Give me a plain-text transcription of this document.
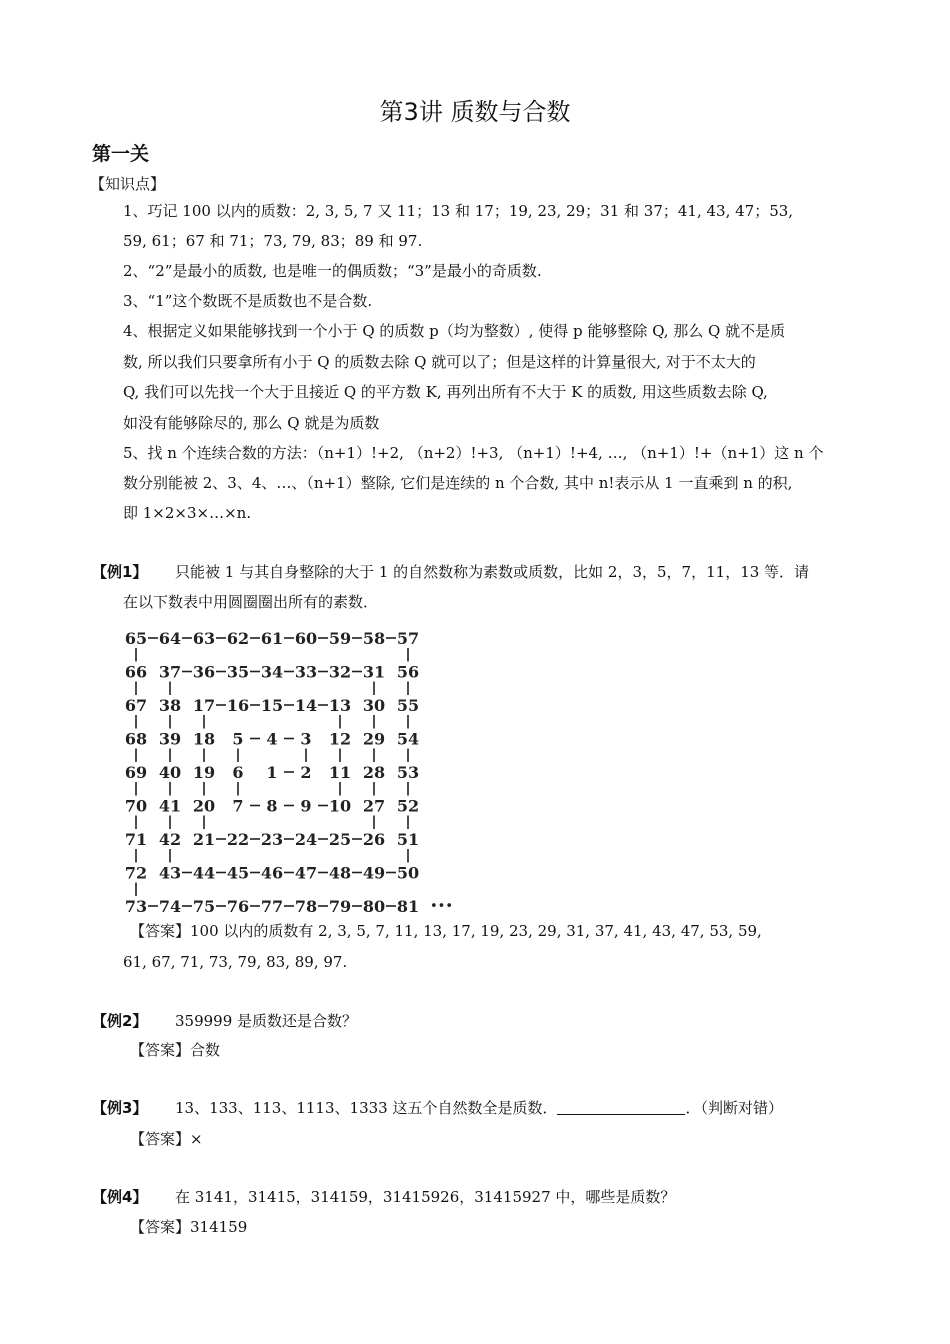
第3讲 质数与合数
第一关
【知识点】
1、巧记 100 以内的质数：2, 3, 5, 7 又 11；13 和 17；19, 23, 29；31 和 37；41, 43, 47；53,
59, 61；67 和 71；73, 79, 83；89 和 97.
2、“2”是最小的质数, 也是唯一的偶质数；“3”是最小的奇质数.
3、“1”这个数既不是质数也不是合数.
4、根据定义如果能够找到一个小于 Q 的质数 p（均为整数）, 使得 p 能够整除 Q, 那么 Q 就不是质
数, 所以我们只要拿所有小于 Q 的质数去除 Q 就可以了；但是这样的计算量很大, 对于不太大的
Q, 我们可以先找一个大于且接近 Q 的平方数 K, 再列出所有不大于 K 的质数, 用这些质数去除 Q,
如没有能够除尽的, 那么 Q 就是为质数
5、找 n 个连续合数的方法：（n+1）!+2, （n+2）!+3, （n+1）!+4, …, （n+1）!+（n+1）这 n 个
数分别能被 2、3、4、…、（n+1）整除, 它们是连续的 n 个合数, 其中 n!表示从 1 一直乘到 n 的积,
即 1×2×3×…×n.
【例1】 只能被 1 与其自身整除的大于 1 的自然数称为素数或质数，比如 2，3，5，7，11，13 等．请
在以下数表中用圆圈圈出所有的素数．
65 64 63 62 61 60 59 58 57
66 37 36 35 34 33 32 31 56
67 38 17 16 15 14 13 30 55
68 39 18 5 4 3 12 29 54
69 40 19 6 1 2 11 28 53
70 41 20 7 8 9 10 27 52
71 42 21 22 23 24 25 26 51
72 43 44 45 46 47 48 49 50
73 74 75 76 77 78 79 80 81 •••
【答案】100 以内的质数有 2, 3, 5, 7, 11, 13, 17, 19, 23, 29, 31, 37, 41, 43, 47, 53, 59,
61, 67, 71, 73, 79, 83, 89, 97.
【例2】 359999 是质数还是合数？
【答案】合数
【例3】 13、133、113、1113、1333 这五个自然数全是质数．	．（判断对错）
【答案】×
【例4】 在 3141，31415，314159，31415926，31415927 中，哪些是质数？
【答案】314159
